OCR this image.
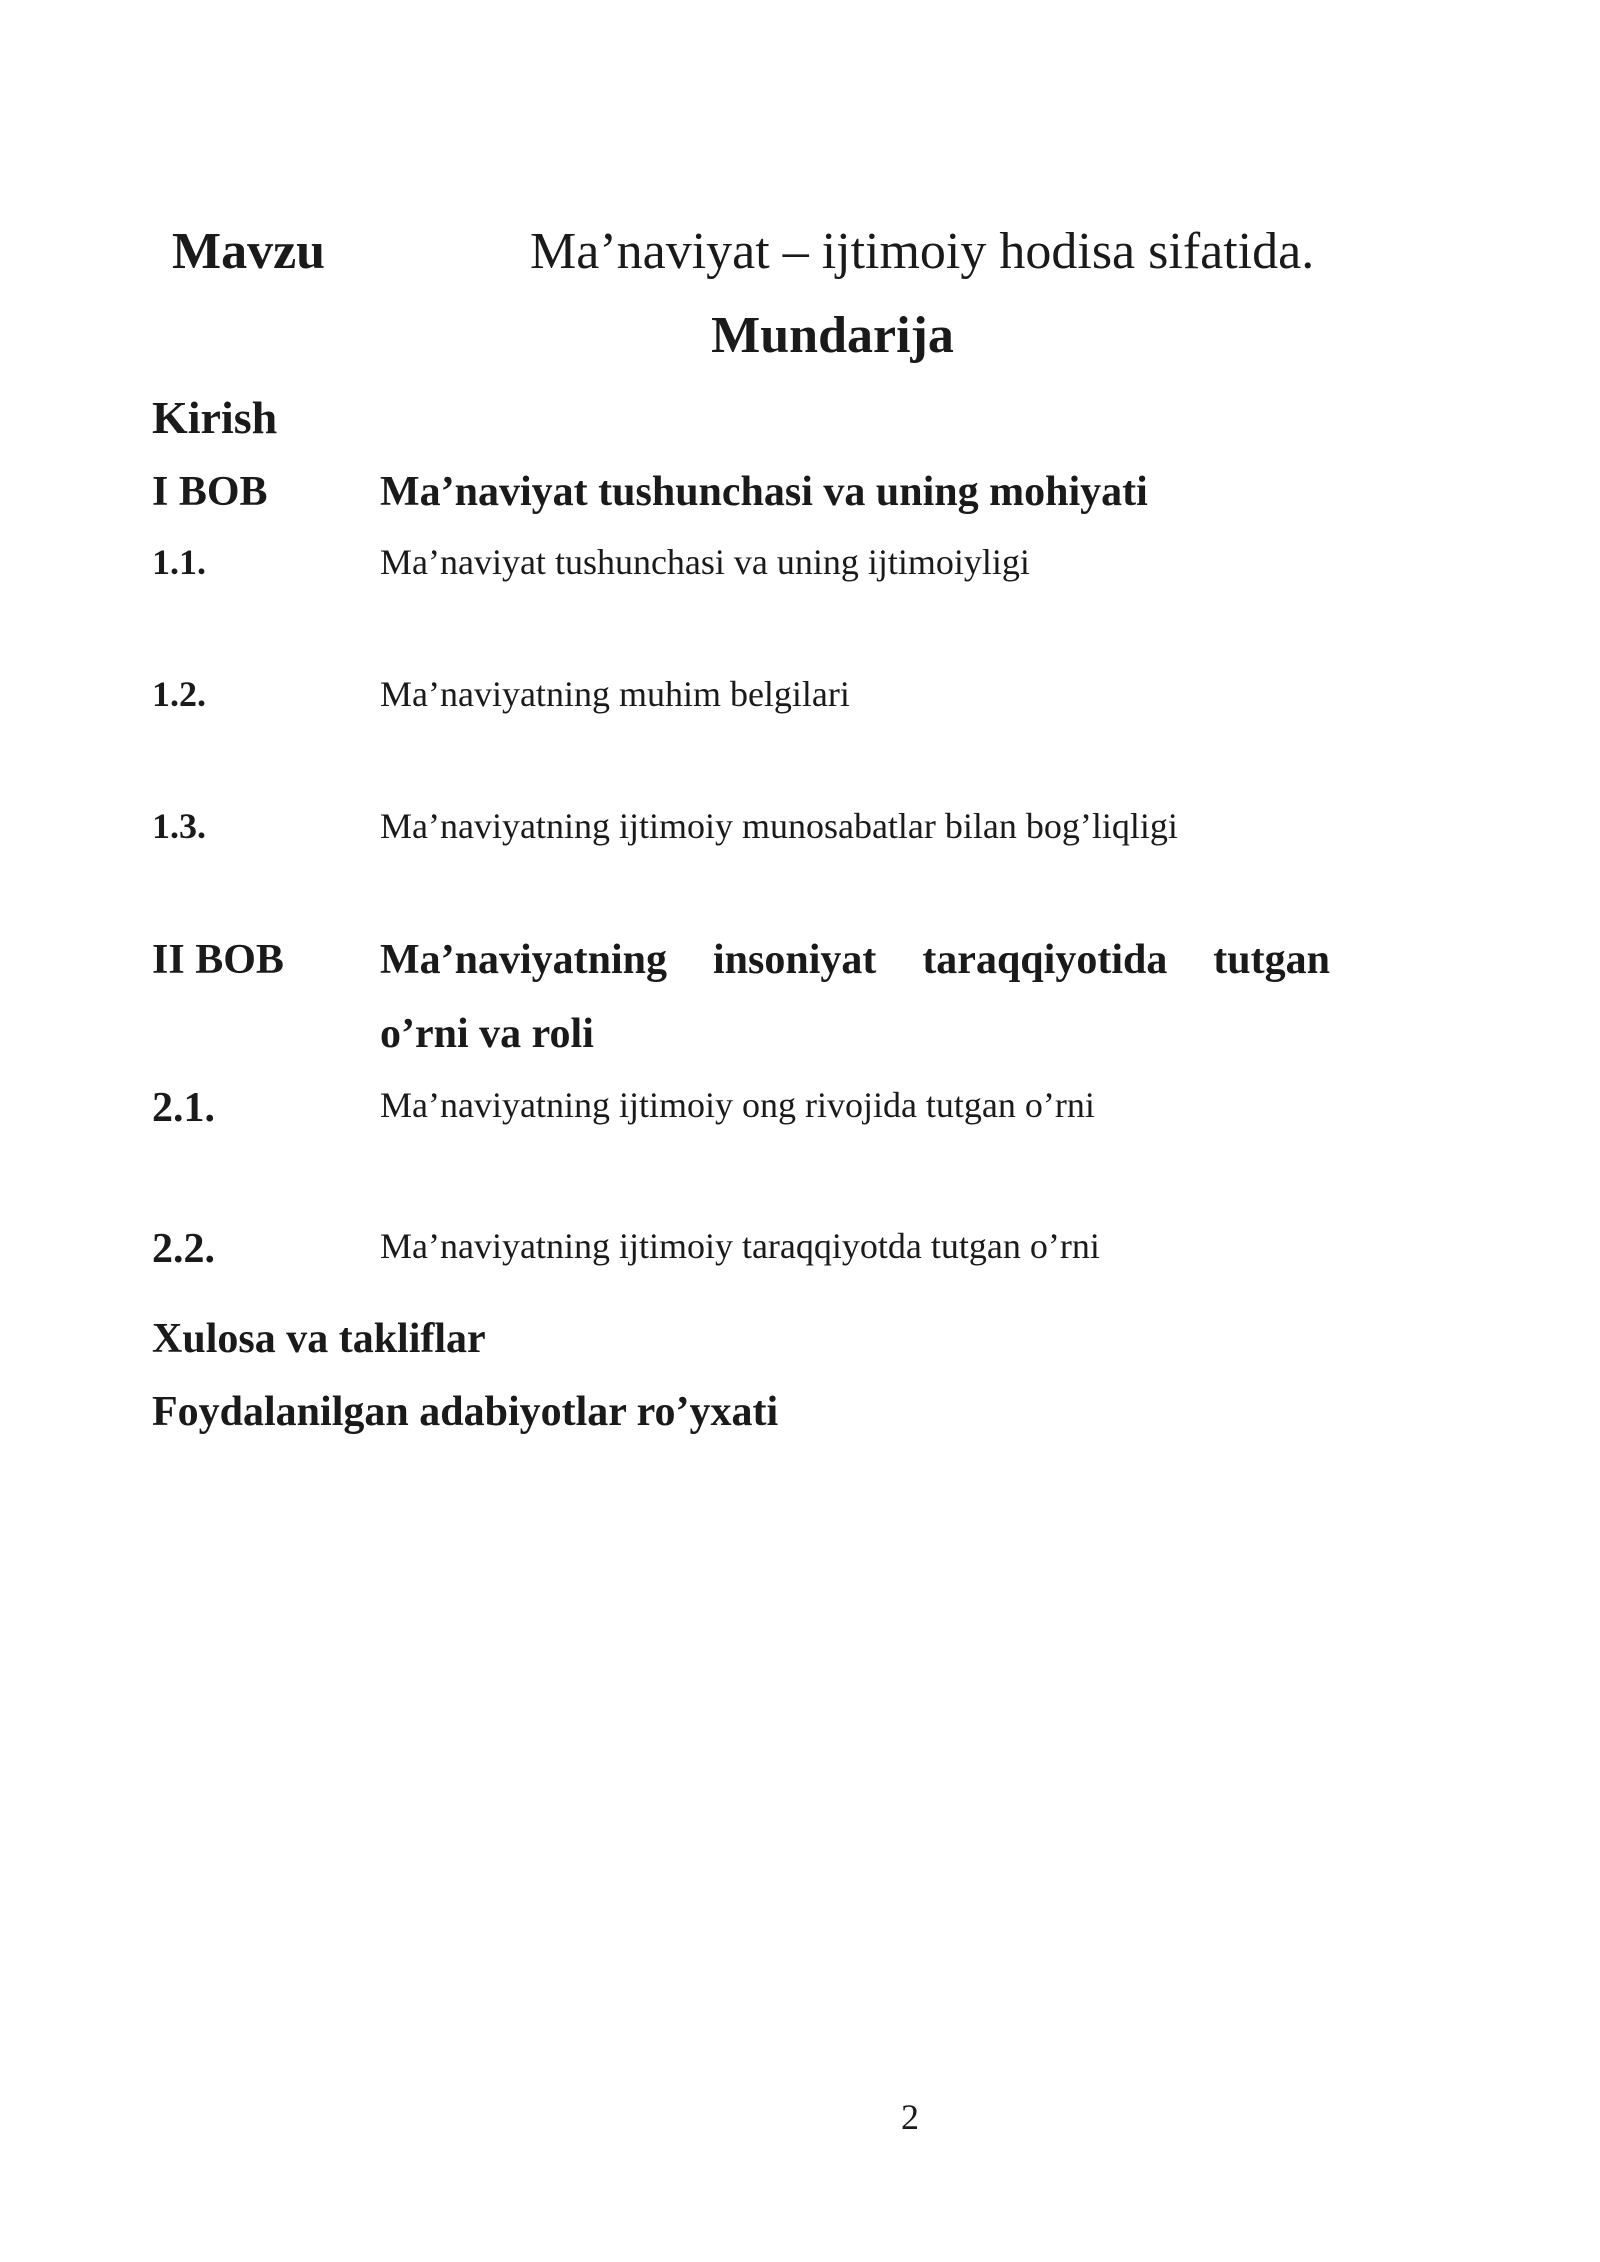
Mavzu	Ma’naviyat – ijtimoiy hodisa sifatida.
Mundarija
Kirish
I BOB	Ma’naviyat tushunchasi va uning mohiyati
1.1.	Ma’naviyat tushunchasi va uning ijtimoiyligi
1.2.	Ma’naviyatning muhim belgilari
1.3.	Ma’naviyatning ijtimoiy munosabatlar bilan bog’liqligi
II BOB Ma’naviyatning insoniyat taraqqiyotida tutgan
o’rni va roli
2.1.	Ma’naviyatning ijtimoiy ong rivojida tutgan o’rni
2.2.	Ma’naviyatning ijtimoiy taraqqiyotda tutgan o’rni
Xulosa va takliflar
Foydalanilgan adabiyotlar ro’yxati
2
